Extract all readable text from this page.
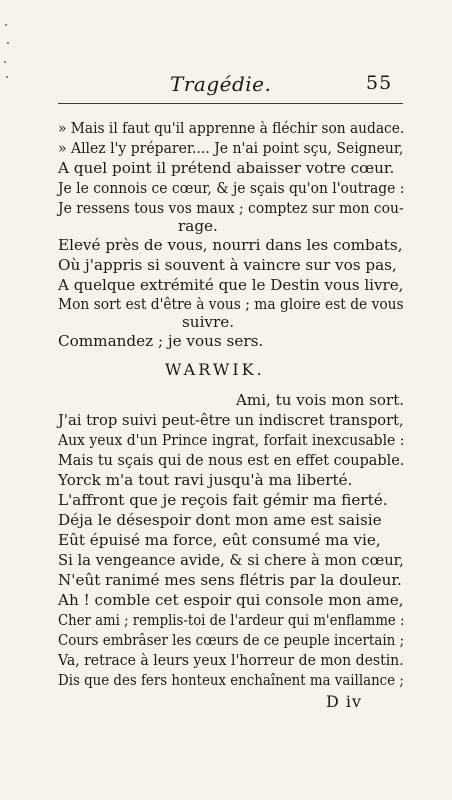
Tragédie.	55
» Mais il faut qu'il apprenne à fléchir son audace.
» Allez l'y préparer.... Je n'ai point sçu, Seigneur,
A quel point il prétend abaisser votre cœur.
Je le connois ce cœur, & je sçais qu'on l'outrage :
Je ressens tous vos maux ; comptez sur mon cou-
rage.
Elevé près de vous, nourri dans les combats,
Où j'appris si souvent à vaincre sur vos pas,
A quelque extrémité que le Destin vous livre,
Mon sort est d'être à vous ; ma gloire est de vous
suivre.
Commandez ; je vous sers.
WARWIK.
Ami, tu vois mon sort.
J'ai trop suivi peut-être un indiscret transport,
Aux yeux d'un Prince ingrat, forfait inexcusable :
Mais tu sçais qui de nous est en effet coupable.
Yorck m'a tout ravi jusqu'à ma liberté.
L'affront que je reçois fait gémir ma fierté.
Déja le désespoir dont mon ame est saisie
Eût épuisé ma force, eût consumé ma vie,
Si la vengeance avide, & si chere à mon cœur,
N'eût ranimé mes sens flétris par la douleur.
Ah ! comble cet espoir qui console mon ame,
Cher ami ; remplis-toi de l'ardeur qui m'enflamme :
Cours embrâser les cœurs de ce peuple incertain ;
Va, retrace à leurs yeux l'horreur de mon destin.
Dis que des fers honteux enchaînent ma vaillance ;
D iv
